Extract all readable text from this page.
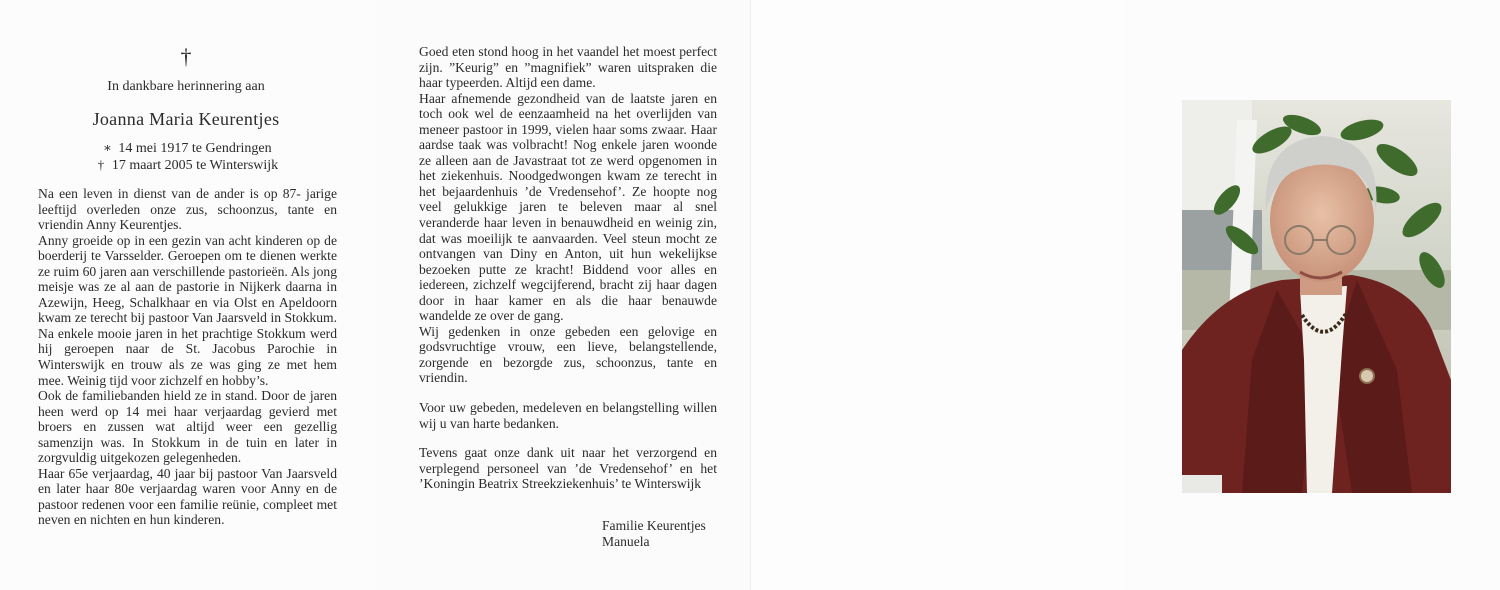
†
In dankbare herinnering aan
Joanna Maria Keurentjes
∗ 14 mei 1917 te Gendringen
† 17 maart 2005 te Winterswijk

Na een leven in dienst van de ander is op 87- jarige leeftijd overleden onze zus, schoonzus, tante en vriendin Anny Keurentjes.

Anny groeide op in een gezin van acht kinderen op de boerderij te Varsselder. Geroepen om te dienen werkte ze ruim 60 jaren aan verschillende pastorieën. Als jong meisje was ze al aan de pastorie in Nijkerk daarna in Azewijn, Heeg, Schalkhaar en via Olst en Apeldoorn kwam ze terecht bij pastoor Van Jaarsveld in Stokkum. Na enkele mooie jaren in het prachtige Stokkum werd hij geroepen naar de St. Jacobus Parochie in Winterswijk en trouw als ze was ging ze met hem mee. Weinig tijd voor zichzelf en hobby’s.

Ook de familiebanden hield ze in stand. Door de jaren heen werd op 14 mei haar verjaardag gevierd met broers en zussen wat altijd weer een gezellig samenzijn was. In Stokkum in de tuin en later in zorgvuldig uitgekozen gelegenheden.

Haar 65e verjaardag, 40 jaar bij pastoor Van Jaarsveld en later haar 80e verjaardag waren voor Anny en de pastoor redenen voor een familie reünie, compleet met neven en nichten en hun kinderen.

Goed eten stond hoog in het vaandel het moest perfect zijn. ”Keurig” en ”magnifiek” waren uitspraken die haar typeerden. Altijd een dame.

Haar afnemende gezondheid van de laatste jaren en toch ook wel de eenzaamheid na het overlijden van meneer pastoor in 1999, vielen haar soms zwaar. Haar aardse taak was volbracht! Nog enkele jaren woonde ze alleen aan de Javastraat tot ze werd opgenomen in het ziekenhuis. Noodgedwongen kwam ze terecht in het bejaardenhuis ’de Vredensehof’. Ze hoopte nog veel gelukkige jaren te beleven maar al snel veranderde haar leven in benauwdheid en weinig zin, dat was moeilijk te aanvaarden. Veel steun mocht ze ontvangen van Diny en Anton, uit hun wekelijkse bezoeken putte ze kracht! Biddend voor alles en iedereen, zichzelf wegcijferend, bracht zij haar dagen door in haar kamer en als die haar benauwde wandelde ze over de gang.

Wij gedenken in onze gebeden een gelovige en godsvruchtige vrouw, een lieve, belangstellende, zorgende en bezorgde zus, schoonzus, tante en vriendin.

Voor uw gebeden, medeleven en belangstelling willen wij u van harte bedanken.

Tevens gaat onze dank uit naar het verzorgend en verplegend personeel van ’de Vredensehof’ en het ’Koningin Beatrix Streekziekenhuis’ te Winterswijk

Familie Keurentjes
Manuela
